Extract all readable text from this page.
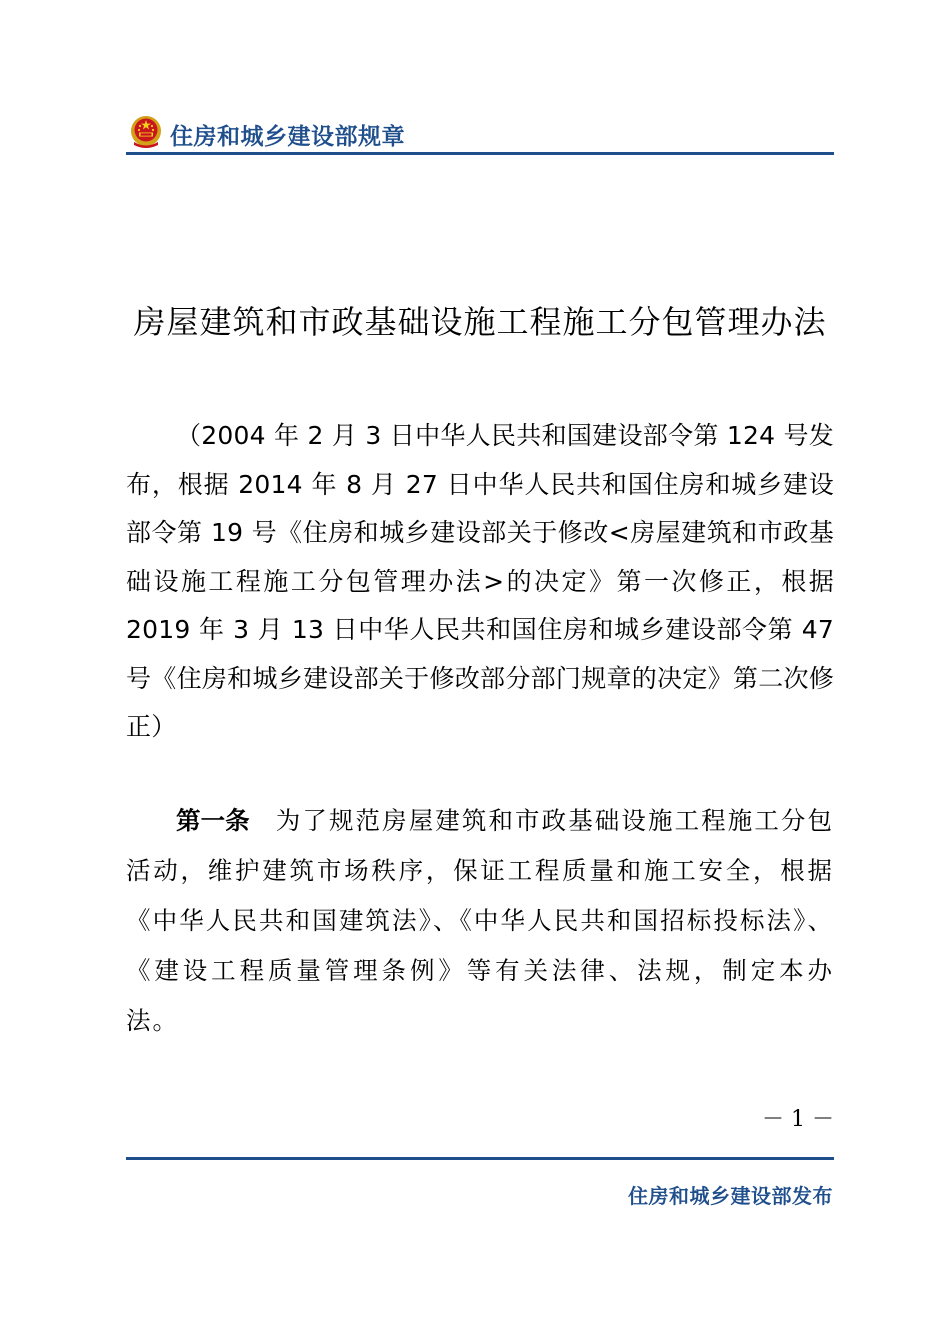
住房和城乡建设部规章
房屋建筑和市政基础设施工程施工分包管理办法
（2004 年 2 月 3 日中华人民共和国建设部令第 124 号发布，根据 2014 年 8 月 27 日中华人民共和国住房和城乡建设部令第 19 号《住房和城乡建设部关于修改<房屋建筑和市政基础设施工程施工分包管理办法>的决定》第一次修正，根据 2019 年 3 月 13 日中华人民共和国住房和城乡建设部令第 47 号《住房和城乡建设部关于修改部分部门规章的决定》第二次修正）
第一条 为了规范房屋建筑和市政基础设施工程施工分包活动，维护建筑市场秩序，保证工程质量和施工安全，根据《中华人民共和国建筑法》、《中华人民共和国招标投标法》、《建设工程质量管理条例》等有关法律、法规，制定本办法。
－ 1 －
住房和城乡建设部发布
